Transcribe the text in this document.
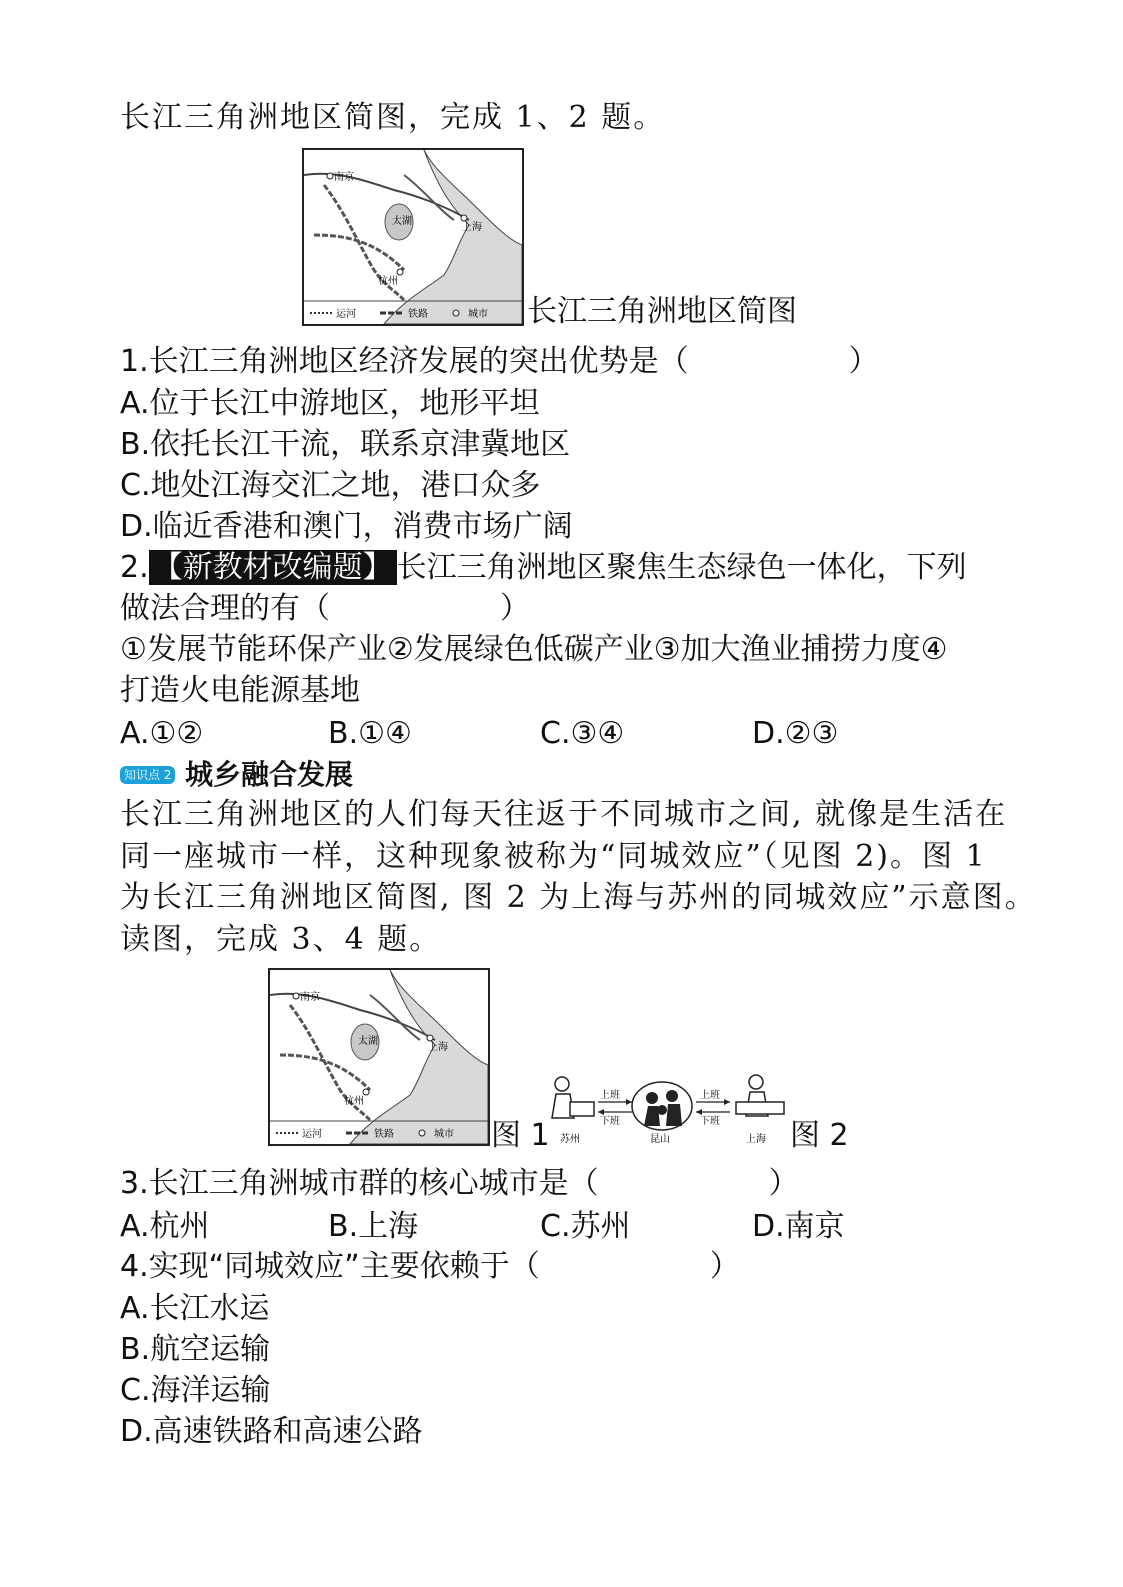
长江三角洲地区简图，完成 1、2 题。
太湖
南京
上海
杭州
运河	铁路	城市 长江三角洲地区简图
1.长江三角洲地区经济发展的突出优势是（	）
A.位于长江中游地区，地形平坦
B.依托长江干流，联系京津冀地区
C.地处江海交汇之地，港口众多
D.临近香港和澳门，消费市场广阔
2. 【新教材改编题】 长江三角洲地区聚焦生态绿色一体化，下列
做法合理的有（	）
①发展节能环保产业②发展绿色低碳产业③加大渔业捕捞力度④
打造火电能源基地
A.①②	B.①④	C.③④	D.②③
知识点 2 城乡融合发展
长江三角洲地区的人们每天往返于不同城市之间, 就像是生活在
同一座城市一样，这种现象被称为“同城效应”（见图 2)。图 1
为长江三角洲地区简图, 图 2 为上海与苏州的同城效应”示意图。
读图，完成 3、4 题。
太湖
南京
上海
杭州
运河	铁路	城市 图 1
上班
下班
上班
下班
苏州	昆山	上海 图 2
3.长江三角洲城市群的核心城市是（	）
A.杭州	B.上海	C.苏州	D.南京
4.实现“同城效应”主要依赖于（	）
A.长江水运
B.航空运输
C.海洋运输
D.高速铁路和高速公路
